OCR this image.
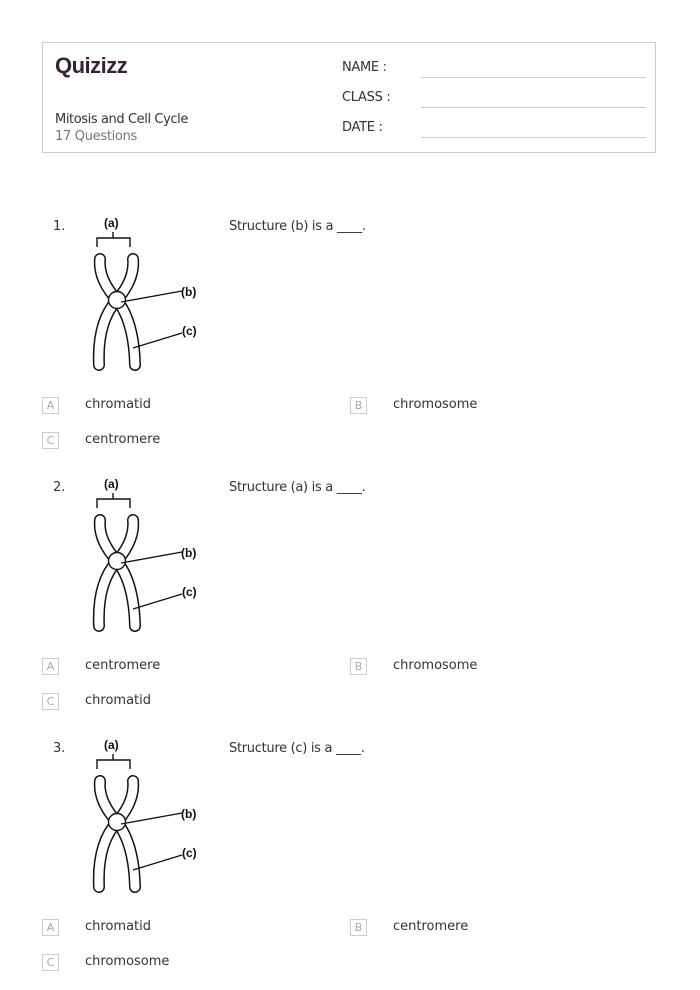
Quizizz
Mitosis and Cell Cycle
17 Questions
NAME :
CLASS :
DATE :
1.	(a)
(b)
(c)
Structure (b) is a ____.
A	chromatid	B	chromosome
C	centromere
2.	(a)
(b)
(c)
Structure (a) is a ____.
A	centromere	B	chromosome
C	chromatid
3.	(a)
(b)
(c)
Structure (c) is a ____.
A	chromatid	B	centromere
C	chromosome
